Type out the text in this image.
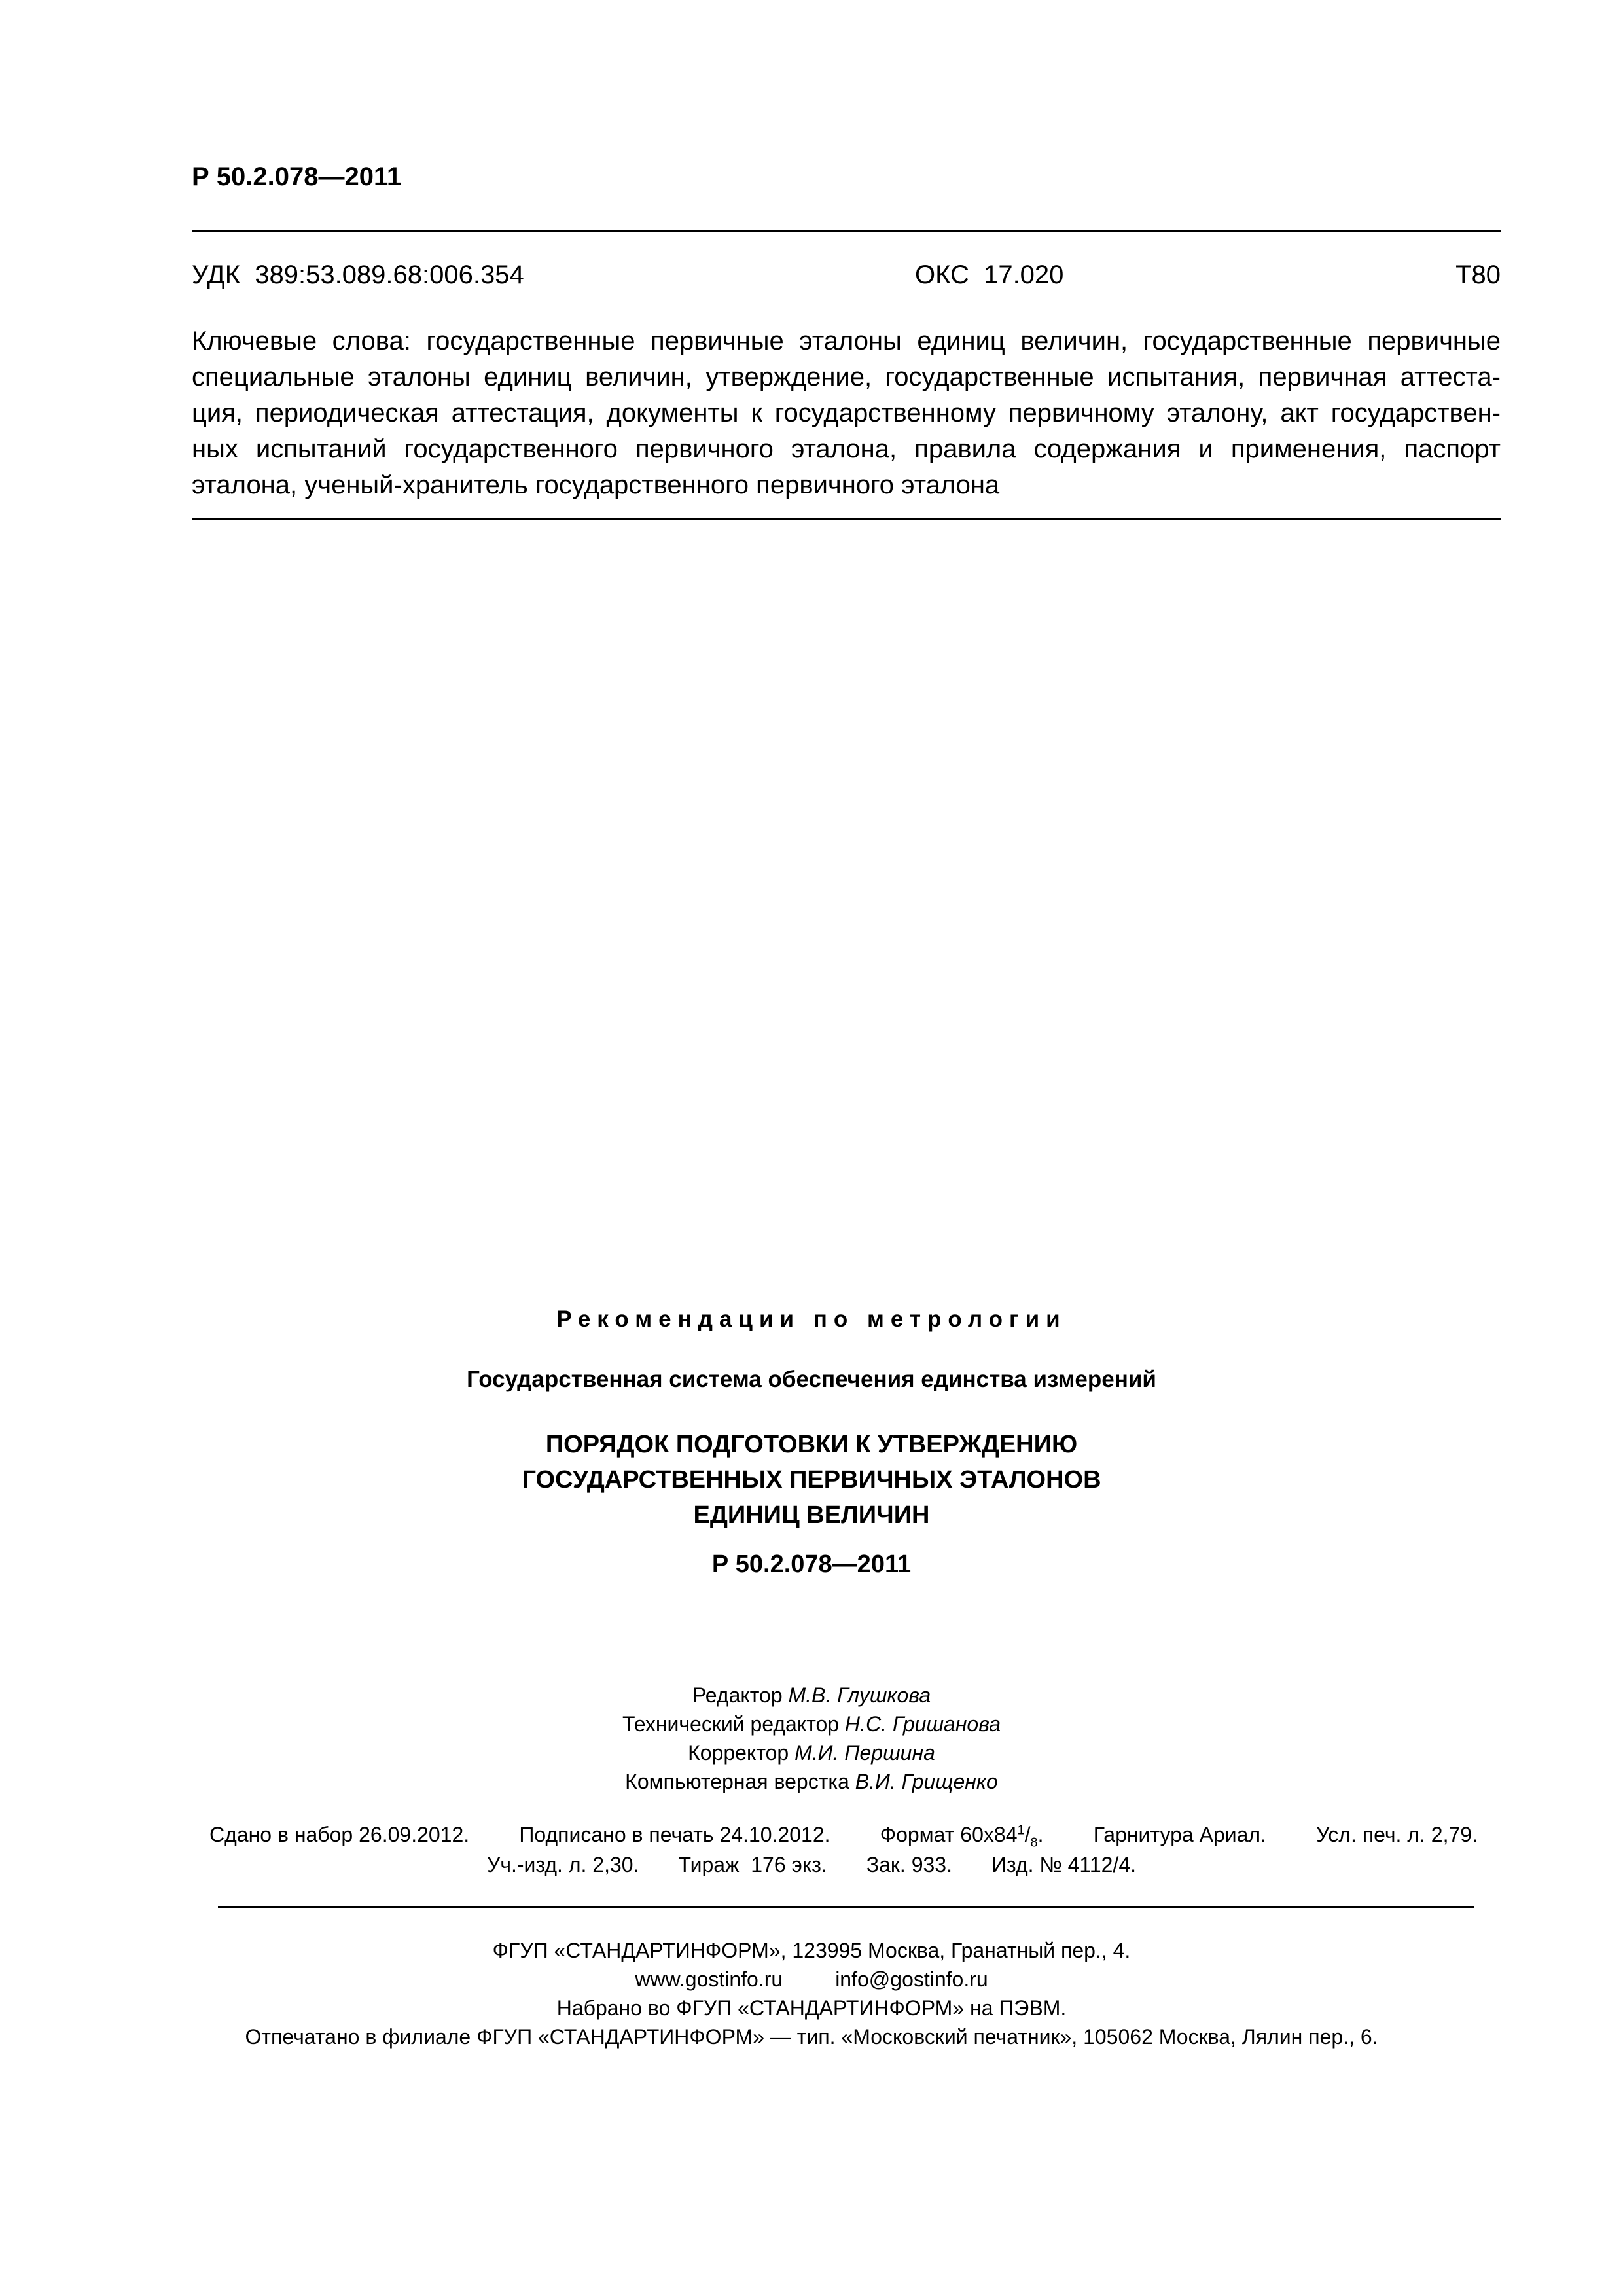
Р 50.2.078—2011
УДК  389:53.089.68:006.354	ОКС  17.020	Т80
Ключевые слова: государственные первичные эталоны единиц величин, государственные первичные
специальные эталоны единиц величин, утверждение, государственные испытания, первичная аттеста-
ция, периодическая аттестация, документы к государственному первичному эталону, акт государствен-
ных испытаний государственного первичного эталона, правила содержания и применения, паспорт
эталона, ученый-хранитель государственного первичного эталона
Рекомендации по метрологии
Государственная система обеспечения единства измерений
ПОРЯДОК ПОДГОТОВКИ К УТВЕРЖДЕНИЮ
ГОСУДАРСТВЕННЫХ ПЕРВИЧНЫХ ЭТАЛОНОВ
ЕДИНИЦ ВЕЛИЧИН
Р 50.2.078—2011
Редактор М.В. Глушкова
Технический редактор Н.С. Гришанова
Корректор М.И. Першина
Компьютерная верстка В.И. Грищенко
Сдано в набор 26.09.2012. Подписано в печать 24.10.2012. Формат $60х84^1/_8$. Гарнитура Ариал. Усл. печ. л. 2,79.
Уч.-изд. л. 2,30. Тираж  176 экз. Зак. 933. Изд. № 4112/4.
ФГУП «СТАНДАРТИНФОРМ», 123995 Москва, Гранатный пер., 4.
www.gostinfo.ru	info@gostinfo.ru
Набрано во ФГУП «СТАНДАРТИНФОРМ» на ПЭВМ.
Отпечатано в филиале ФГУП «СТАНДАРТИНФОРМ» — тип. «Московский печатник», 105062 Москва, Лялин пер., 6.
